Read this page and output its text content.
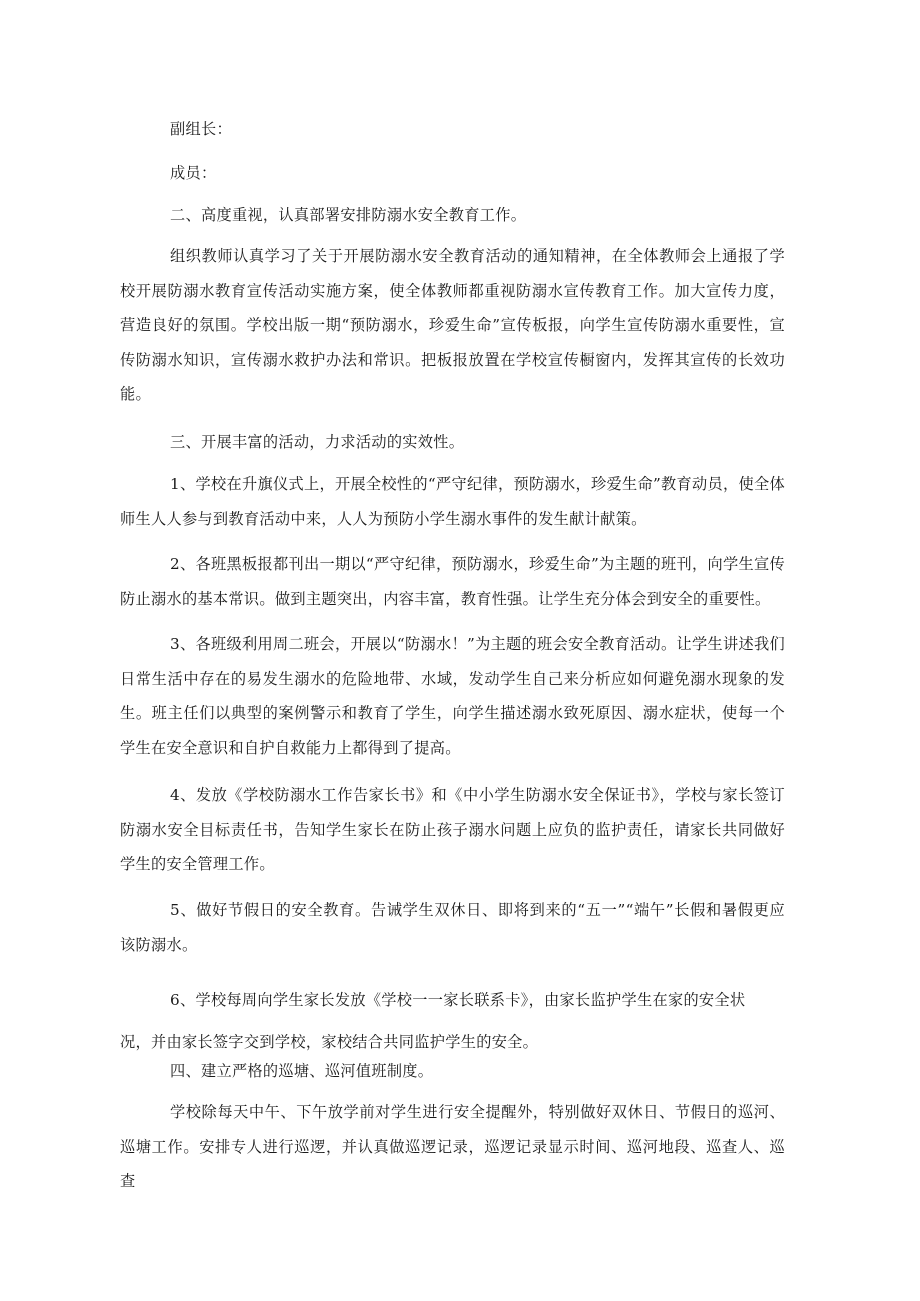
副组长：

成员：

二、高度重视，认真部署安排防溺水安全教育工作。

组织教师认真学习了关于开展防溺水安全教育活动的通知精神，在全体教师会上通报了学校开展防溺水教育宣传活动实施方案，使全体教师都重视防溺水宣传教育工作。加大宣传力度，营造良好的氛围。学校出版一期“预防溺水，珍爱生命”宣传板报，向学生宣传防溺水重要性，宣传防溺水知识，宣传溺水救护办法和常识。把板报放置在学校宣传橱窗内，发挥其宣传的长效功能。

三、开展丰富的活动，力求活动的实效性。

1、学校在升旗仪式上，开展全校性的“严守纪律，预防溺水，珍爱生命”教育动员，使全体师生人人参与到教育活动中来，人人为预防小学生溺水事件的发生献计献策。

2、各班黑板报都刊出一期以“严守纪律，预防溺水，珍爱生命”为主题的班刊，向学生宣传防止溺水的基本常识。做到主题突出，内容丰富，教育性强。让学生充分体会到安全的重要性。

3、各班级利用周二班会，开展以“防溺水！”为主题的班会安全教育活动。让学生讲述我们日常生活中存在的易发生溺水的危险地带、水域，发动学生自己来分析应如何避免溺水现象的发生。班主任们以典型的案例警示和教育了学生，向学生描述溺水致死原因、溺水症状，使每一个学生在安全意识和自护自救能力上都得到了提高。

4、发放《学校防溺水工作告家长书》和《中小学生防溺水安全保证书》，学校与家长签订防溺水安全目标责任书，告知学生家长在防止孩子溺水问题上应负的监护责任，请家长共同做好学生的安全管理工作。

5、做好节假日的安全教育。告诫学生双休日、即将到来的“五一”“端午”长假和暑假更应该防溺水。

6、学校每周向学生家长发放《学校一一家长联系卡》，由家长监护学生在家的安全状

况，并由家长签字交到学校，家校结合共同监护学生的安全。

四、建立严格的巡塘、巡河值班制度。

学校除每天中午、下午放学前对学生进行安全提醒外，特别做好双休日、节假日的巡河、巡塘工作。安排专人进行巡逻，并认真做巡逻记录，巡逻记录显示时间、巡河地段、巡查人、巡查
